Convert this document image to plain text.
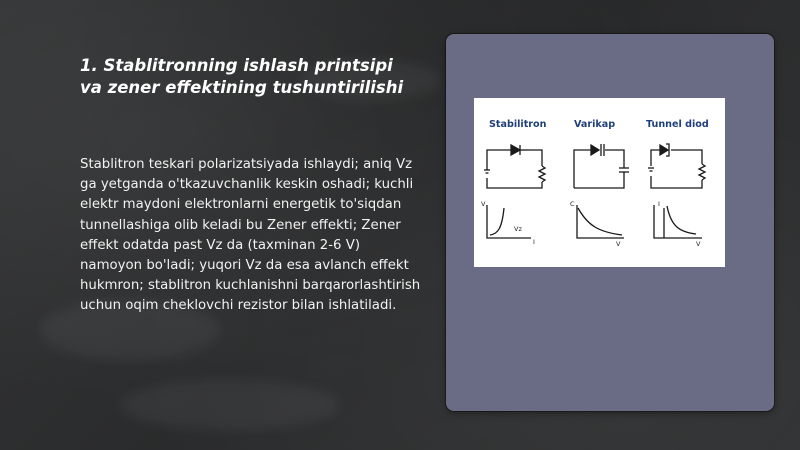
1. Stablitronning ishlash printsipi va zener effektining tushuntirilishi
Stablitron teskari polarizatsiyada ishlaydi; aniq Vz ga yetganda o'tkazuvchanlik keskin oshadi; kuchli elektr maydoni elektronlarni energetik to'siqdan tunnellashiga olib keladi bu Zener effekti; Zener effekt odatda past Vz da (taxminan 2-6 V) namoyon bo'ladi; yuqori Vz da esa avlanch effekt hukmron; stablitron kuchlanishni barqarorlashtirish uchun oqim cheklovchi rezistor bilan ishlatiladi.
V
I
Vz
C
V
I
V
Stabilitron	Varikap	Tunnel diod
